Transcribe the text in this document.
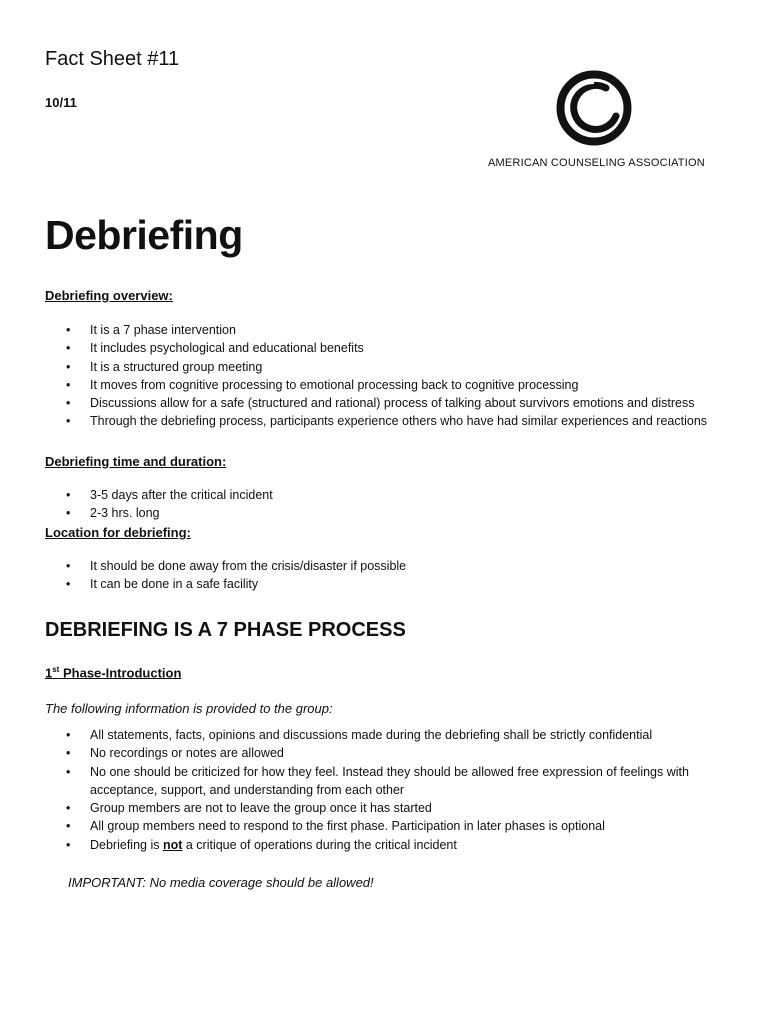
Fact Sheet #11
10/11
AMERICAN COUNSELING ASSOCIATION
Debriefing
Debriefing overview:
• It is a 7 phase intervention
• It includes psychological and educational benefits
• It is a structured group meeting
• It moves from cognitive processing to emotional processing back to cognitive processing
• Discussions allow for a safe (structured and rational) process of talking about survivors emotions and distress
• Through the debriefing process, participants experience others who have had similar experiences and reactions
Debriefing time and duration:
• 3-5 days after the critical incident
• 2-3 hrs. long
Location for debriefing:
• It should be done away from the crisis/disaster if possible
• It can be done in a safe facility
DEBRIEFING IS A 7 PHASE PROCESS
1st Phase-Introduction
The following information is provided to the group:
• All statements, facts, opinions and discussions made during the debriefing shall be strictly confidential
• No recordings or notes are allowed
• No one should be criticized for how they feel. Instead they should be allowed free expression of feelings with acceptance, support, and understanding from each other
• Group members are not to leave the group once it has started
• All group members need to respond to the first phase. Participation in later phases is optional
• Debriefing is not a critique of operations during the critical incident
IMPORTANT: No media coverage should be allowed!
